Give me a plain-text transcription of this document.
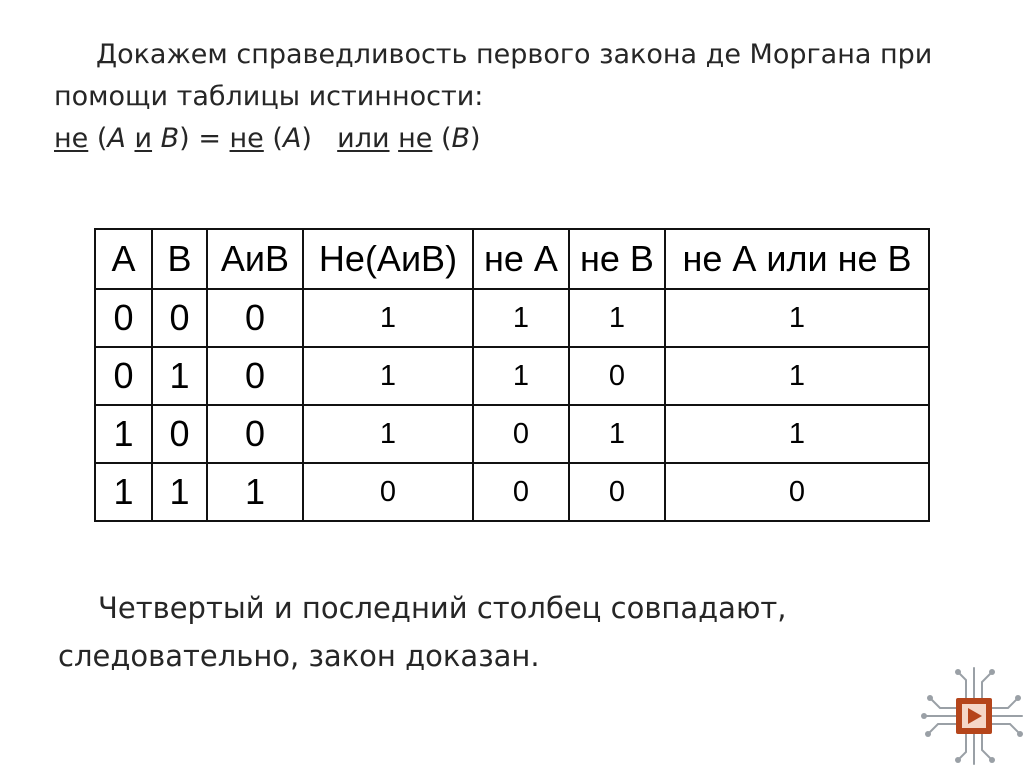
Докажем справедливость первого закона де Моргана при
помощи таблицы истинности:
не (А и В) = не (А) или не (В)
А	В	АиВ	Не(АиВ)	не А	не В	не А или не В
0	0	0	1	1	1	1
0	1	0	1	1	0	1
1	0	0	1	0	1	1
1	1	1	0	0	0	0
Четвертый и последний столбец совпадают,
следовательно, закон доказан.
